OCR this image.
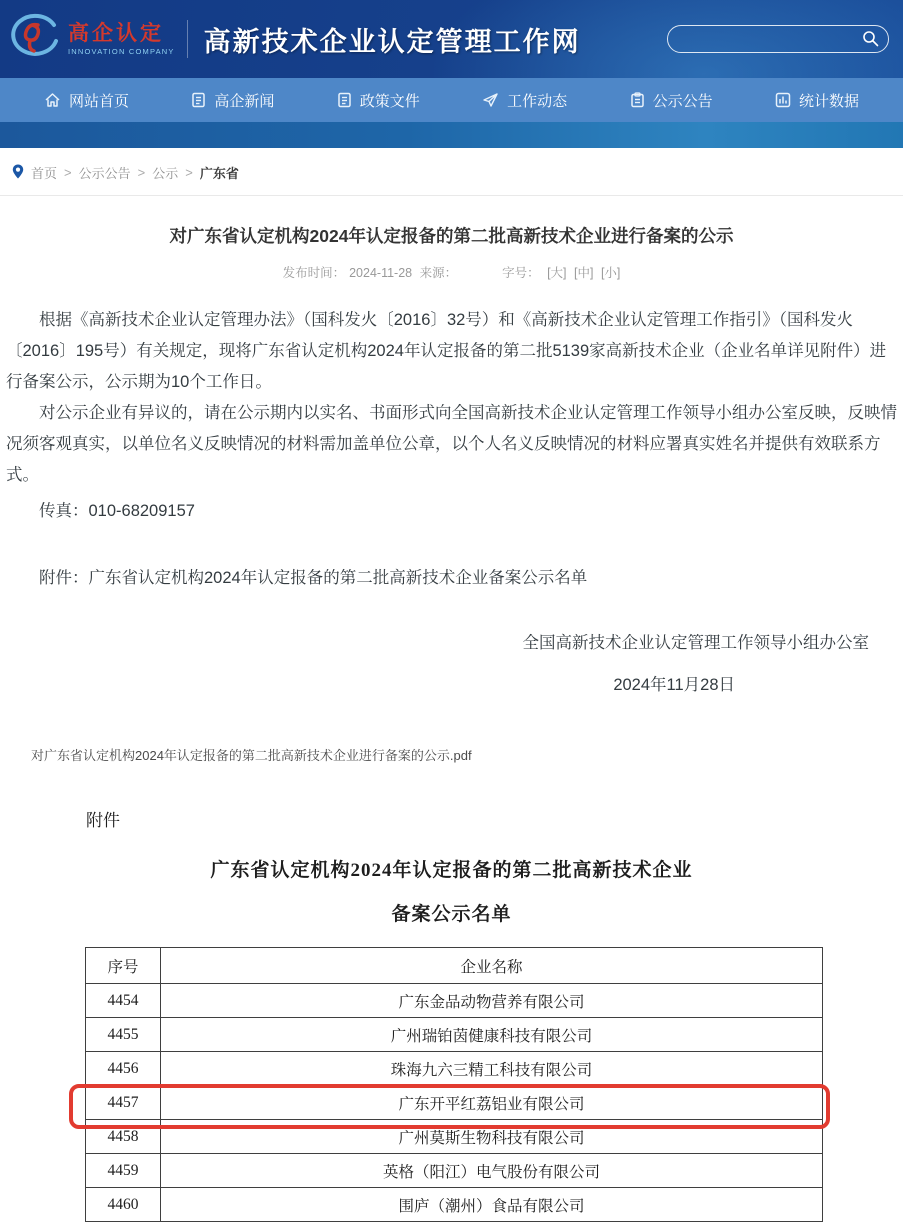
高企认定
INNOVATION COMPANY 高新技术企业认定管理工作网
网站首页	高企新闻	政策文件	工作动态	公示公告	统计数据
首页 > 公示公告 > 公示 > 广东省
对广东省认定机构2024年认定报备的第二批高新技术企业进行备案的公示
发布时间： 2024-11-28 来源：	字号： [大] [中] [小]

根据《高新技术企业认定管理办法》（国科发火〔2016〕32号）和《高新技术企业认定管理工作指引》（国科发火〔2016〕195号）有关规定，现将广东省认定机构2024年认定报备的第二批5139家高新技术企业（企业名单详见附件）进行备案公示，公示期为10个工作日。

对公示企业有异议的，请在公示期内以实名、书面形式向全国高新技术企业认定管理工作领导小组办公室反映，反映情况须客观真实，以单位名义反映情况的材料需加盖单位公章，以个人名义反映情况的材料应署真实姓名并提供有效联系方式。

传真：010-68209157

附件：广东省认定机构2024年认定报备的第二批高新技术企业备案公示名单

全国高新技术企业认定管理工作领导小组办公室

2024年11月28日

对广东省认定机构2024年认定报备的第二批高新技术企业进行备案的公示.pdf
附件
广东省认定机构2024年认定报备的第二批高新技术企业
备案公示名单
序号	企业名称
4454	广东金品动物营养有限公司
4455	广州瑞铂茵健康科技有限公司
4456	珠海九六三精工科技有限公司
4457	广东开平红荔铝业有限公司
4458	广州莫斯生物科技有限公司
4459	英格（阳江）电气股份有限公司
4460	围庐（潮州）食品有限公司
